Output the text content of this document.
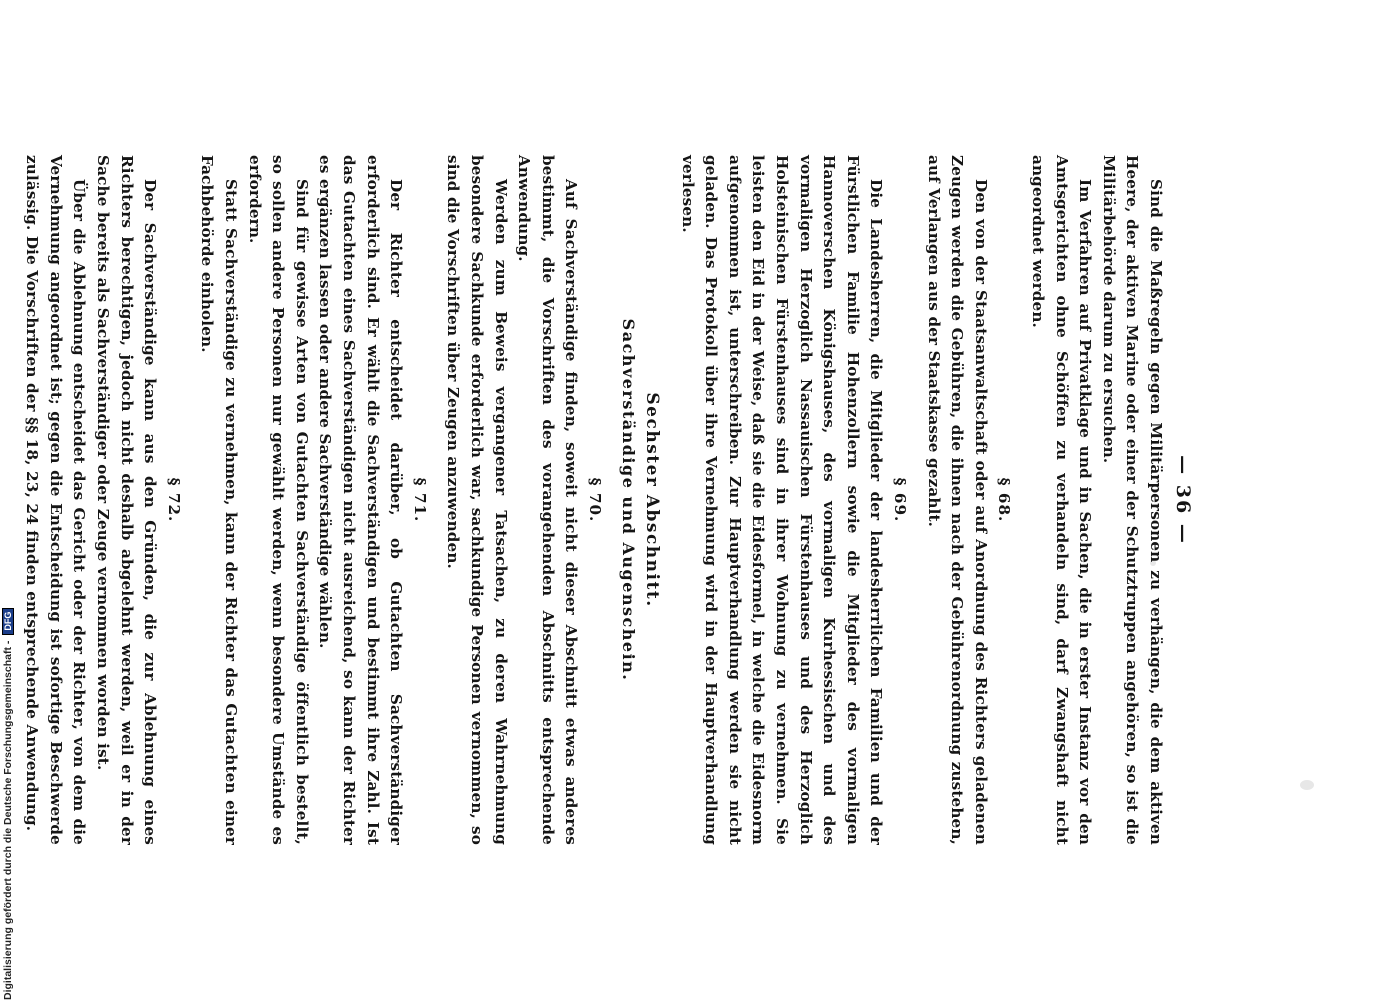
— 36 —

Sind die Maßregeln gegen Militärpersonen zu verhängen, die dem aktiven Heere, der aktiven Marine oder einer der Schutztruppen angehören, so ist die Militärbehörde darum zu ersuchen.

Im Verfahren auf Privatklage und in Sachen, die in erster Instanz vor den Amtsgerichten ohne Schöffen zu verhandeln sind, darf Zwangshaft nicht angeordnet werden.

§ 68.

Den von der Staatsanwaltschaft oder auf Anordnung des Richters geladenen Zeugen werden die Gebühren, die ihnen nach der Gebührenordnung zustehen, auf Verlangen aus der Staatskasse gezahlt.

§ 69.

Die Landesherren, die Mitglieder der landesherrlichen Familien und der Fürstlichen Familie Hohenzollern sowie die Mitglieder des vormaligen Hannoverschen Königshauses, des vormaligen Kurhessischen und des vormaligen Herzoglich Nassauischen Fürstenhauses und des Herzoglich Holsteinischen Fürstenhauses sind in ihrer Wohnung zu vernehmen. Sie leisten den Eid in der Weise, daß sie die Eidesformel, in welche die Eidesnorm aufgenommen ist, unterschreiben. Zur Hauptverhandlung werden sie nicht geladen. Das Protokoll über ihre Vernehmung wird in der Hauptverhandlung verlesen.

Sechster Abschnitt.
Sachverständige und Augenschein.
§ 70.

Auf Sachverständige finden, soweit nicht dieser Abschnitt etwas anderes bestimmt, die Vorschriften des vorangehenden Abschnitts entsprechende Anwendung.

Werden zum Beweis vergangener Tatsachen, zu deren Wahrnehmung besondere Sachkunde erforderlich war, sachkundige Personen vernommen, so sind die Vorschriften über Zeugen anzuwenden.

§ 71.

Der Richter entscheidet darüber, ob Gutachten Sachverständiger erforderlich sind. Er wählt die Sachverständigen und bestimmt ihre Zahl. Ist das Gutachten eines Sachverständigen nicht ausreichend, so kann der Richter es ergänzen lassen oder andere Sachverständige wählen.

Sind für gewisse Arten von Gutachten Sachverständige öffentlich bestellt, so sollen andere Personen nur gewählt werden, wenn besondere Umstände es erfordern.

Statt Sachverständige zu vernehmen, kann der Richter das Gutachten einer Fachbehörde einholen.

§ 72.

Der Sachverständige kann aus den Gründen, die zur Ablehnung eines Richters berechtigen, jedoch nicht deshalb abgelehnt werden, weil er in der Sache bereits als Sachverständiger oder Zeuge vernommen worden ist.

Über die Ablehnung entscheidet das Gericht oder der Richter, von dem die Vernehmung angeordnet ist; gegen die Entscheidung ist sofortige Beschwerde zulässig. Die Vorschriften der §§ 18, 23, 24 finden entsprechende Anwendung.

Digitalisierung gefördert durch die Deutsche Forschungsgemeinschaft -DFG
